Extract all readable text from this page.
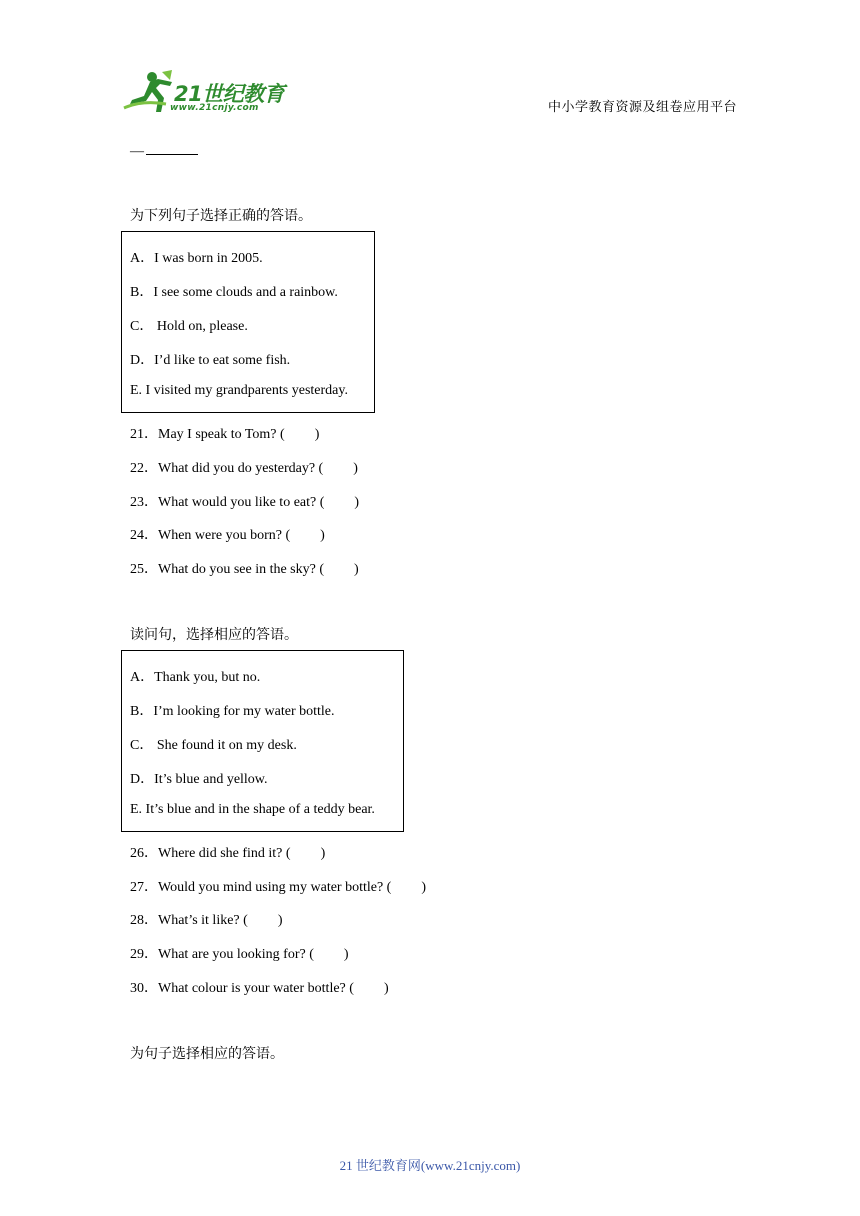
21世纪教育
www.21cnjy.com	中小学教育资源及组卷应用平台
—
为下列句子选择正确的答语。
A．I was born in 2005.
B．I see some clouds and a rainbow.
C． Hold on, please.
D．I’d like to eat some fish.
E. I visited my grandparents yesterday.
21．May I speak to Tom? ( )
22．What did you do yesterday? ( )
23．What would you like to eat? ( )
24．When were you born? ( )
25．What do you see in the sky? ( )
读问句，选择相应的答语。
A．Thank you, but no.
B．I’m looking for my water bottle.
C． She found it on my desk.
D．It’s blue and yellow.
E. It’s blue and in the shape of a teddy bear.
26．Where did she find it? ( )
27．Would you mind using my water bottle? ( )
28．What’s it like? ( )
29．What are you looking for? ( )
30．What colour is your water bottle? ( )
为句子选择相应的答语。
21 世纪教育网(www.21cnjy.com)
